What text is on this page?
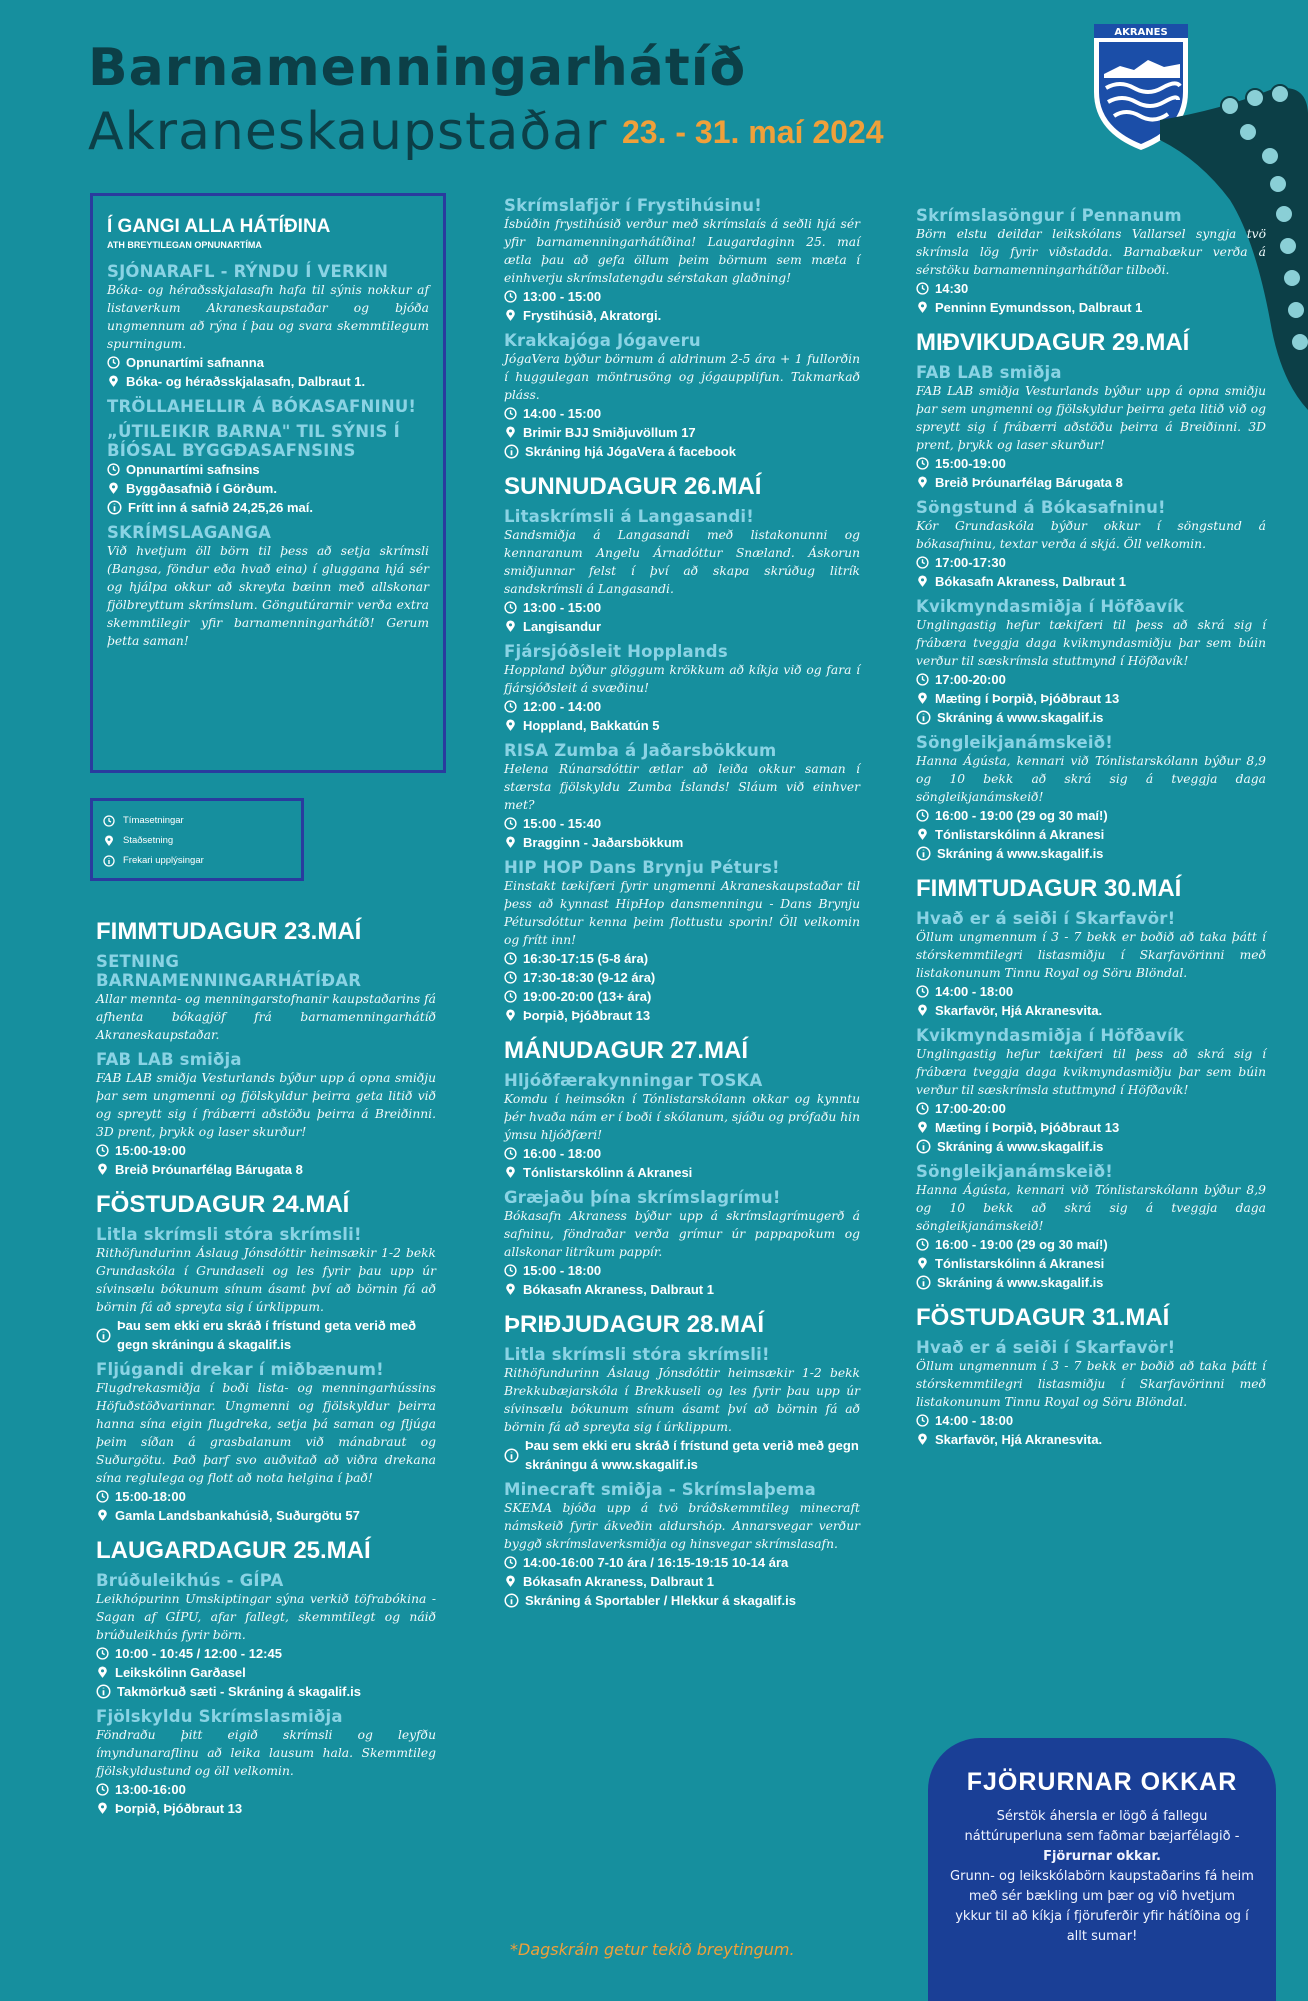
Barnamenningarhátíð
Akraneskaupstaðar 23. - 31. maí 2024
AKRANES
Í GANGI ALLA HÁTÍÐINA
ATH BREYTILEGAN OPNUNARTÍMA
SJÓNARAFL - RÝNDU Í VERKIN
Bóka- og héraðsskjalasafn hafa til sýnis nokkur af listaverkum Akraneskaupstaðar og bjóða ungmennum að rýna í þau og svara skemmtilegum spurningum.
Opnunartími safnanna
Bóka- og héraðsskjalasafn, Dalbraut 1.
TRÖLLAHELLIR Á BÓKASAFNINU!
„ÚTILEIKIR BARNA" TIL SÝNIS Í BÍÓSAL BYGGÐASAFNSINS
Opnunartími safnsins
Byggðasafnið í Görðum.
Frítt inn á safnið 24,25,26 maí.
SKRÍMSLAGANGA
Við hvetjum öll börn til þess að setja skrímsli (Bangsa, föndur eða hvað eina) í gluggana hjá sér og hjálpa okkur að skreyta bæinn með allskonar fjölbreyttum skrímslum. Göngutúrarnir verða extra skemmtilegir yfir barnamenningarhátíð! Gerum þetta saman!
Tímasetningar
Staðsetning
Frekari upplýsingar
FIMMTUDAGUR 23.MAÍ
SETNING BARNAMENNINGARHÁTÍÐAR
Allar mennta- og menningarstofnanir kaupstaðarins fá afhenta bókagjöf frá barnamenningarhátíð Akraneskaupstaðar.
FAB LAB smiðja
FAB LAB smiðja Vesturlands býður upp á opna smiðju þar sem ungmenni og fjölskyldur þeirra geta litið við og spreytt sig í frábærri aðstöðu þeirra á Breiðinni. 3D prent, þrykk og laser skurður!
15:00-19:00
Breið Þróunarfélag Bárugata 8
FÖSTUDAGUR 24.MAÍ
Litla skrímsli stóra skrímsli!
Rithöfundurinn Áslaug Jónsdóttir heimsækir 1-2 bekk Grundaskóla í Grundaseli og les fyrir þau upp úr sívinsælu bókunum sínum ásamt því að börnin fá að börnin fá að spreyta sig í úrklippum.
Þau sem ekki eru skráð í frístund geta verið með gegn skráningu á skagalif.is
Fljúgandi drekar í miðbænum!
Flugdrekasmiðja í boði lista- og menningarhússins Höfuðstöðvarinnar. Ungmenni og fjölskyldur þeirra hanna sína eigin flugdreka, setja þá saman og fljúga þeim síðan á grasbalanum við mánabraut og Suðurgötu. Það þarf svo auðvitað að viðra drekana sína reglulega og flott að nota helgina í það!
15:00-18:00
Gamla Landsbankahúsið, Suðurgötu 57
LAUGARDAGUR 25.MAÍ
Brúðuleikhús - GÍPA
Leikhópurinn Umskiptingar sýna verkið töfrabókina - Sagan af GÍPU, afar fallegt, skemmtilegt og náið brúðuleikhús fyrir börn.
10:00 - 10:45 / 12:00 - 12:45
Leikskólinn Garðasel
Takmörkuð sæti - Skráning á skagalif.is
Fjölskyldu Skrímslasmiðja
Föndraðu þitt eigið skrímsli og leyfðu ímyndunaraflinu að leika lausum hala. Skemmtileg fjölskyldustund og öll velkomin.
13:00-16:00
Þorpið, Þjóðbraut 13
Skrímslafjör í Frystihúsinu!
Ísbúðin frystihúsið verður með skrímslaís á seðli hjá sér yfir barnamenningarhátíðina! Laugardaginn 25. maí ætla þau að gefa öllum þeim börnum sem mæta í einhverju skrímslatengdu sérstakan glaðning!
13:00 - 15:00
Frystihúsið, Akratorgi.
Krakkajóga Jógaveru
JógaVera býður börnum á aldrinum 2-5 ára + 1 fullorðin í huggulegan möntrusöng og jógaupplifun. Takmarkað pláss.
14:00 - 15:00
Brimir BJJ Smiðjuvöllum 17
Skráning hjá JógaVera á facebook
SUNNUDAGUR 26.MAÍ
Litaskrímsli á Langasandi!
Sandsmiðja á Langasandi með listakonunni og kennaranum Angelu Árnadóttur Snæland. Áskorun smiðjunnar felst í því að skapa skrúðug litrík sandskrímsli á Langasandi.
13:00 - 15:00
Langisandur
Fjársjóðsleit Hopplands
Hoppland býður glöggum krökkum að kíkja við og fara í fjársjóðsleit á svæðinu!
12:00 - 14:00
Hoppland, Bakkatún 5
RISA Zumba á Jaðarsbökkum
Helena Rúnarsdóttir ætlar að leiða okkur saman í stærsta fjölskyldu Zumba Íslands! Sláum við einhver met?
15:00 - 15:40
Bragginn - Jaðarsbökkum
HIP HOP Dans Brynju Péturs!
Einstakt tækifæri fyrir ungmenni Akraneskaupstaðar til þess að kynnast HipHop dansmenningu - Dans Brynju Pétursdóttur kenna þeim flottustu sporin! Öll velkomin og frítt inn!
16:30-17:15 (5-8 ára)
17:30-18:30 (9-12 ára)
19:00-20:00 (13+ ára)
Þorpið, Þjóðbraut 13
MÁNUDAGUR 27.MAÍ
Hljóðfærakynningar TOSKA
Komdu í heimsókn í Tónlistarskólann okkar og kynntu þér hvaða nám er í boði í skólanum, sjáðu og prófaðu hin ýmsu hljóðfæri!
16:00 - 18:00
Tónlistarskólinn á Akranesi
Græjaðu þína skrímslagrímu!
Bókasafn Akraness býður upp á skrímslagrímugerð á safninu, föndraðar verða grímur úr pappapokum og allskonar litríkum pappír.
15:00 - 18:00
Bókasafn Akraness, Dalbraut 1
ÞRIÐJUDAGUR 28.MAÍ
Litla skrímsli stóra skrímsli!
Rithöfundurinn Áslaug Jónsdóttir heimsækir 1-2 bekk Brekkubæjarskóla í Brekkuseli og les fyrir þau upp úr sívinsælu bókunum sínum ásamt því að börnin fá að börnin fá að spreyta sig í úrklippum.
Þau sem ekki eru skráð í frístund geta verið með gegn skráningu á www.skagalif.is
Minecraft smiðja - Skrímslaþema
SKEMA bjóða upp á tvö bráðskemmtileg minecraft námskeið fyrir ákveðin aldurshóp. Annarsvegar verður byggð skrímslaverksmiðja og hinsvegar skrímslasafn.
14:00-16:00 7-10 ára / 16:15-19:15 10-14 ára
Bókasafn Akraness, Dalbraut 1
Skráning á Sportabler / Hlekkur á skagalif.is
Skrímslasöngur í Pennanum
Börn elstu deildar leikskólans Vallarsel syngja tvö skrímsla lög fyrir viðstadda. Barnabækur verða á sérstöku barnamenningarhátíðar tilboði.
14:30
Penninn Eymundsson, Dalbraut 1
MIÐVIKUDAGUR 29.MAÍ
FAB LAB smiðja
FAB LAB smiðja Vesturlands býður upp á opna smiðju þar sem ungmenni og fjölskyldur þeirra geta litið við og spreytt sig í frábærri aðstöðu þeirra á Breiðinni. 3D prent, þrykk og laser skurður!
15:00-19:00
Breið Þróunarfélag Bárugata 8
Söngstund á Bókasafninu!
Kór Grundaskóla býður okkur í söngstund á bókasafninu, textar verða á skjá. Öll velkomin.
17:00-17:30
Bókasafn Akraness, Dalbraut 1
Kvikmyndasmiðja í Höfðavík
Unglingastig hefur tækifæri til þess að skrá sig í frábæra tveggja daga kvikmyndasmiðju þar sem búin verður til sæskrímsla stuttmynd í Höfðavík!
17:00-20:00
Mæting í Þorpið, Þjóðbraut 13
Skráning á www.skagalif.is
Söngleikjanámskeið!
Hanna Ágústa, kennari við Tónlistarskólann býður 8,9 og 10 bekk að skrá sig á tveggja daga söngleikjanámskeið!
16:00 - 19:00 (29 og 30 maí!)
Tónlistarskólinn á Akranesi
Skráning á www.skagalif.is
FIMMTUDAGUR 30.MAÍ
Hvað er á seiði í Skarfavör!
Öllum ungmennum í 3 - 7 bekk er boðið að taka þátt í stórskemmtilegri listasmiðju í Skarfavörinni með listakonunum Tinnu Royal og Söru Blöndal.
14:00 - 18:00
Skarfavör, Hjá Akranesvita.
Kvikmyndasmiðja í Höfðavík
Unglingastig hefur tækifæri til þess að skrá sig í frábæra tveggja daga kvikmyndasmiðju þar sem búin verður til sæskrímsla stuttmynd í Höfðavík!
17:00-20:00
Mæting í Þorpið, Þjóðbraut 13
Skráning á www.skagalif.is
Söngleikjanámskeið!
Hanna Ágústa, kennari við Tónlistarskólann býður 8,9 og 10 bekk að skrá sig á tveggja daga söngleikjanámskeið!
16:00 - 19:00 (29 og 30 maí!)
Tónlistarskólinn á Akranesi
Skráning á www.skagalif.is
FÖSTUDAGUR 31.MAÍ
Hvað er á seiði í Skarfavör!
Öllum ungmennum í 3 - 7 bekk er boðið að taka þátt í stórskemmtilegri listasmiðju í Skarfavörinni með listakonunum Tinnu Royal og Söru Blöndal.
14:00 - 18:00
Skarfavör, Hjá Akranesvita.
FJÖRURNAR OKKAR
Sérstök áhersla er lögð á fallegu náttúruperluna sem faðmar bæjarfélagið - Fjörurnar okkar.
Grunn- og leikskólabörn kaupstaðarins fá heim með sér bækling um þær og við hvetjum ykkur til að kíkja í fjöruferðir yfir hátíðina og í allt sumar!
*Dagskráin getur tekið breytingum.
